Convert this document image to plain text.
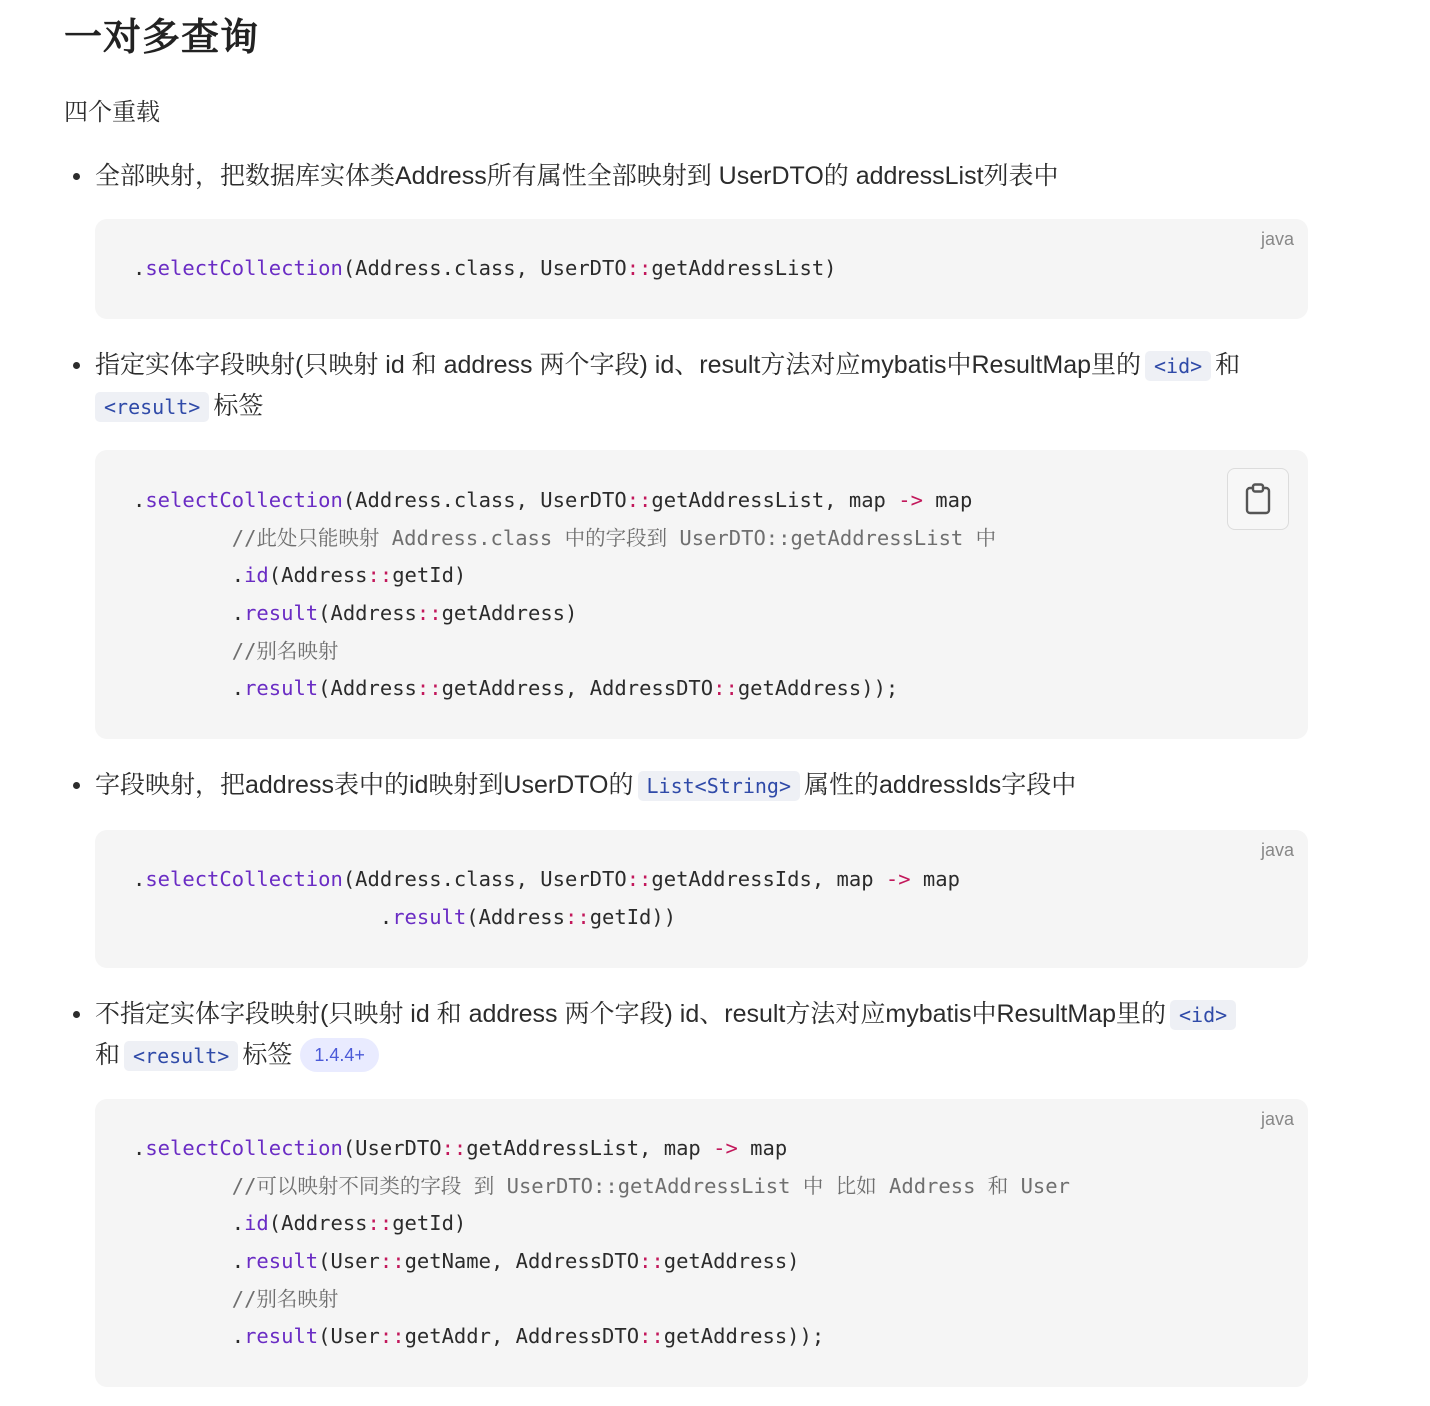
一对多查询

四个重载

全部映射，把数据库实体类Address所有属性全部映射到 UserDTO的 addressList列表中
java
.selectCollection(Address.class, UserDTO::getAddressList)
指定实体字段映射(只映射 id 和 address 两个字段) id、result方法对应mybatis中ResultMap里的 <id> 和
<result> 标签
.selectCollection(Address.class, UserDTO::getAddressList, map -> map
//此处只能映射 Address.class 中的字段到 UserDTO::getAddressList 中
.id(Address::getId)
.result(Address::getAddress)
//别名映射
.result(Address::getAddress, AddressDTO::getAddress));
字段映射，把address表中的id映射到UserDTO的 List<String> 属性的addressIds字段中
java
.selectCollection(Address.class, UserDTO::getAddressIds, map -> map
.result(Address::getId))
不指定实体字段映射(只映射 id 和 address 两个字段) id、result方法对应mybatis中ResultMap里的 <id>
和 <result> 标签 1.4.4+
java
.selectCollection(UserDTO::getAddressList, map -> map
//可以映射不同类的字段 到 UserDTO::getAddressList 中 比如 Address 和 User
.id(Address::getId)
.result(User::getName, AddressDTO::getAddress)
//别名映射
.result(User::getAddr, AddressDTO::getAddress));
